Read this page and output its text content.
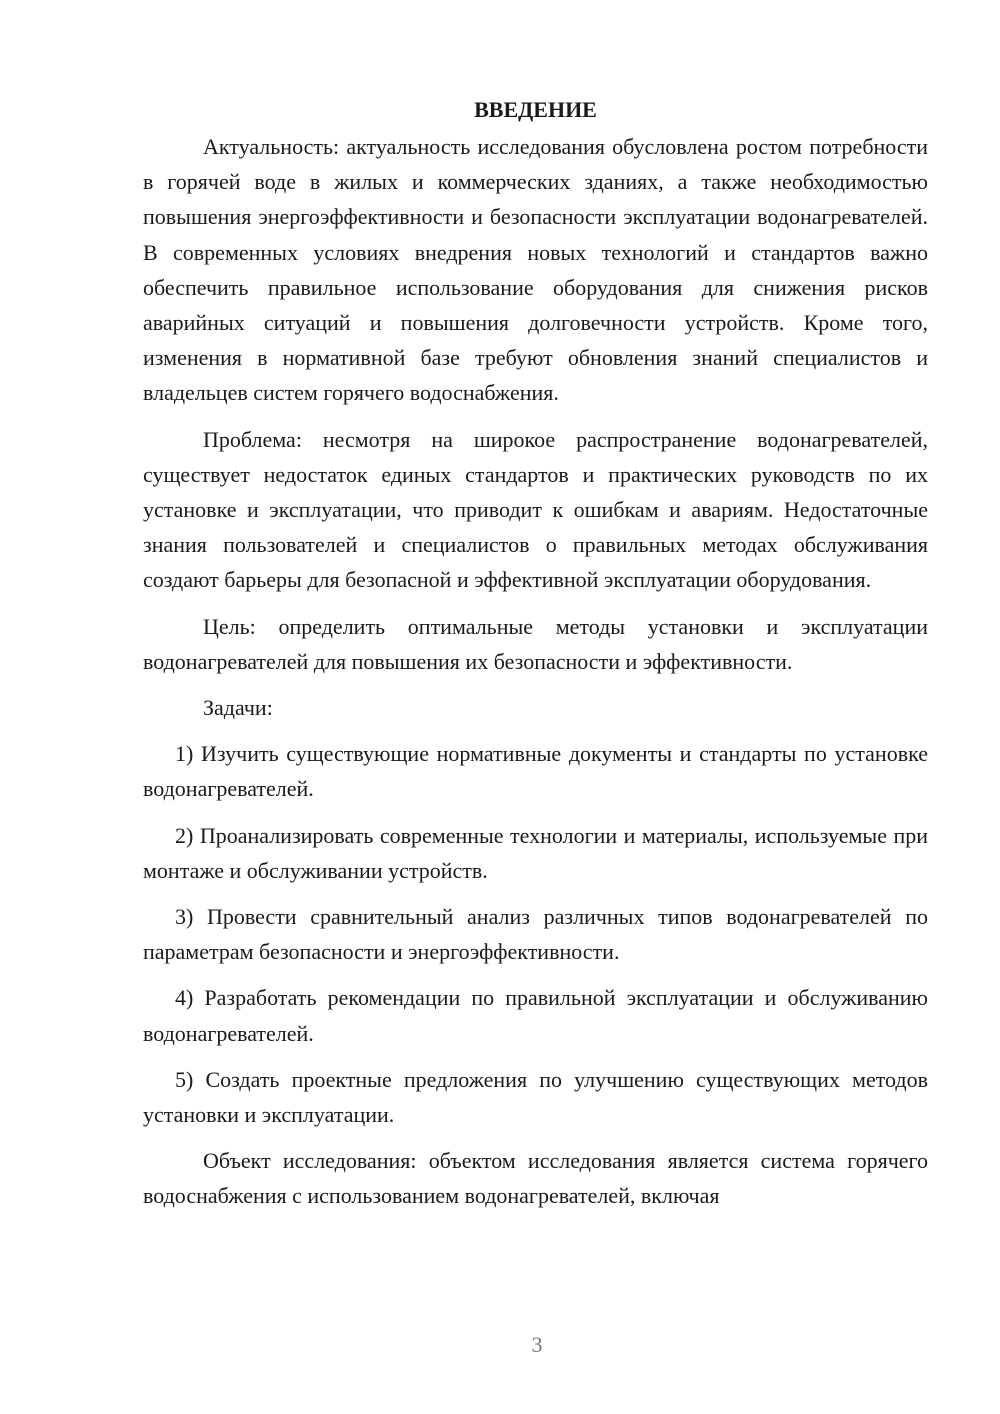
ВВЕДЕНИЕ

Актуальность: актуальность исследования обусловлена ростом потребности в горячей воде в жилых и коммерческих зданиях, а также необходимостью повышения энергоэффективности и безопасности эксплуатации водонагревателей. В современных условиях внедрения новых технологий и стандартов важно обеспечить правильное использование оборудования для снижения рисков аварийных ситуаций и повышения долговечности устройств. Кроме того, изменения в нормативной базе требуют обновления знаний специалистов и владельцев систем горячего водоснабжения.

Проблема: несмотря на широкое распространение водонагревателей, существует недостаток единых стандартов и практических руководств по их установке и эксплуатации, что приводит к ошибкам и авариям. Недостаточные знания пользователей и специалистов о правильных методах обслуживания создают барьеры для безопасной и эффективной эксплуатации оборудования.

Цель: определить оптимальные методы установки и эксплуатации водонагревателей для повышения их безопасности и эффективности.

Задачи:

1) Изучить существующие нормативные документы и стандарты по установке водонагревателей.

2) Проанализировать современные технологии и материалы, используемые при монтаже и обслуживании устройств.

3) Провести сравнительный анализ различных типов водонагревателей по параметрам безопасности и энергоэффективности.

4) Разработать рекомендации по правильной эксплуатации и обслуживанию водонагревателей.

5) Создать проектные предложения по улучшению существующих методов установки и эксплуатации.

Объект исследования: объектом исследования является система горячего водоснабжения с использованием водонагревателей, включая

3
